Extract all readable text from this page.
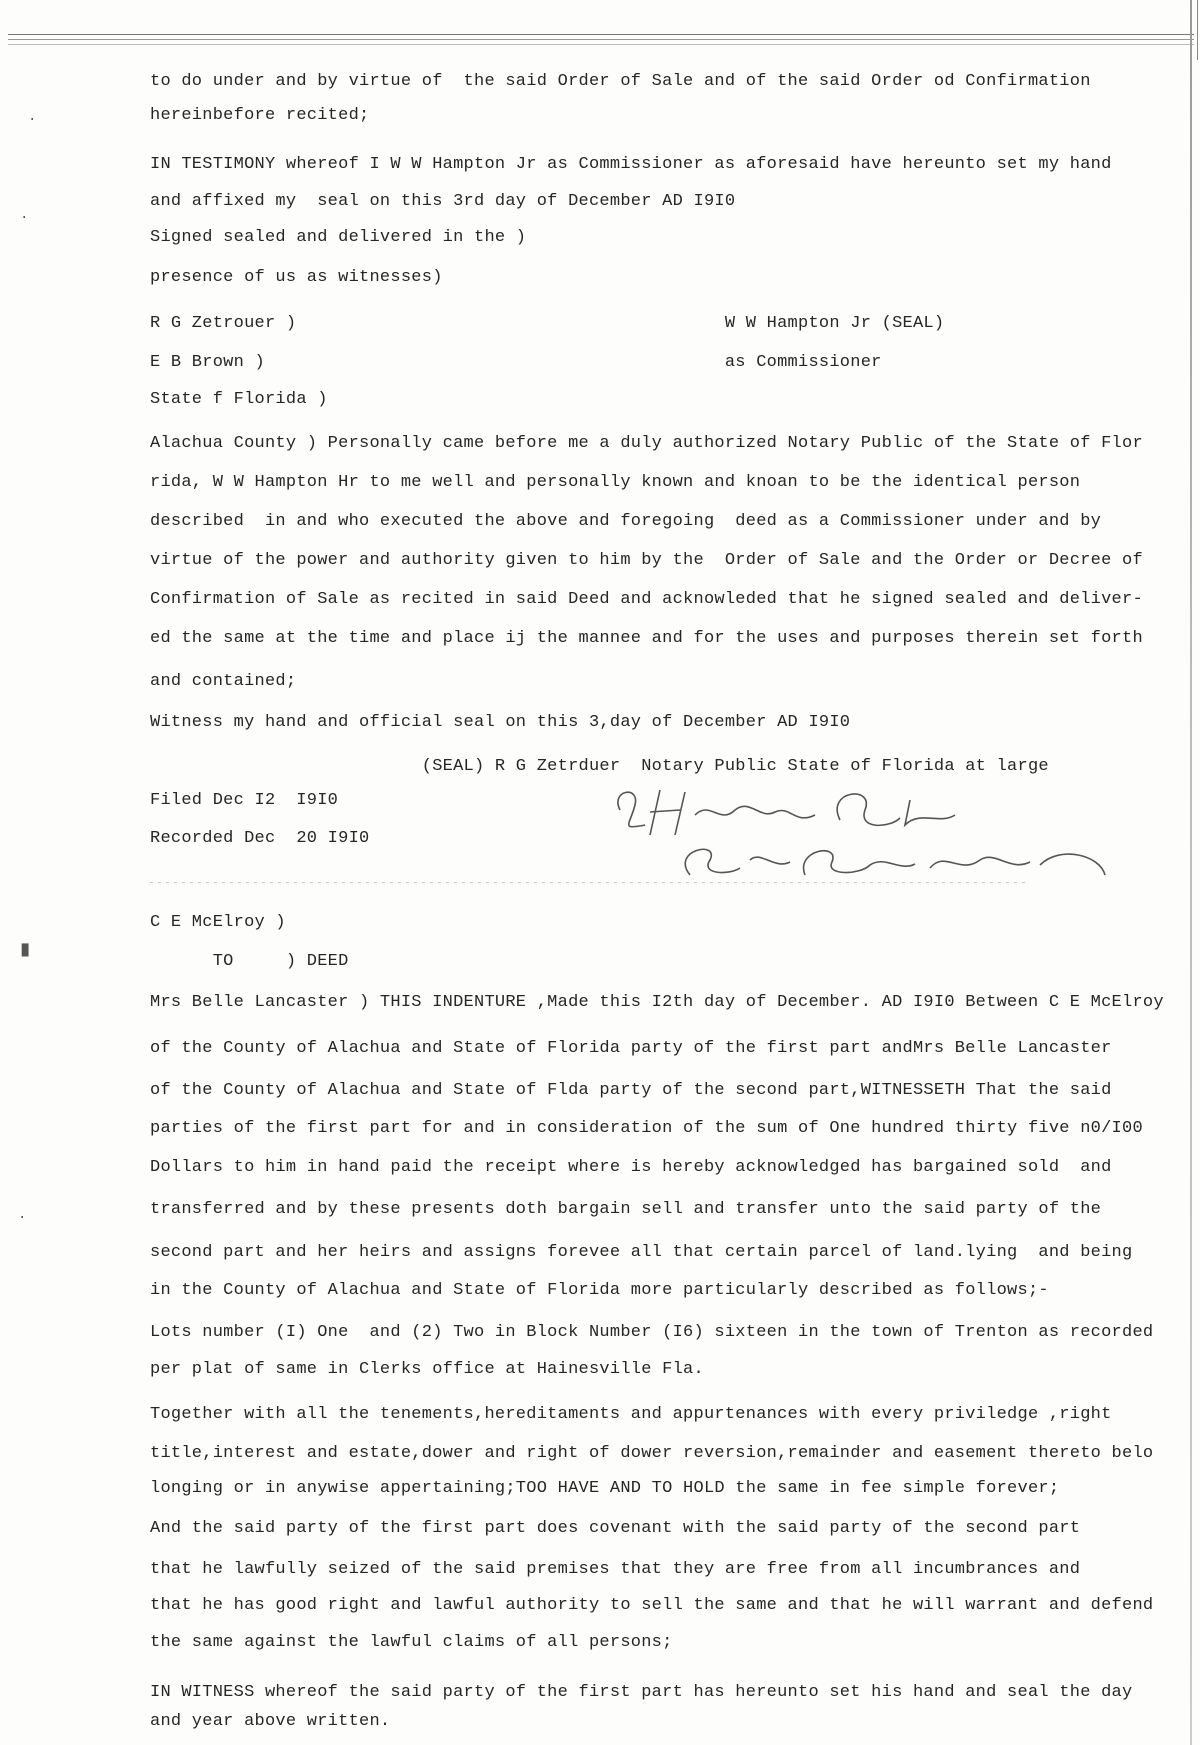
to do under and by virtue of  the said Order of Sale and of the said Order od Confirmation
hereinbefore recited;
IN TESTIMONY whereof I W W Hampton Jr as Commissioner as aforesaid have hereunto set my hand
and affixed my  seal on this 3rd day of December AD I9I0
Signed sealed and delivered in the )
presence of us as witnesses)
R G Zetrouer )                                         W W Hampton Jr (SEAL)
E B Brown )                                            as Commissioner
State f Florida )
Alachua County ) Personally came before me a duly authorized Notary Public of the State of Flor
rida, W W Hampton Hr to me well and personally known and knoan to be the identical person
described  in and who executed the above and foregoing  deed as a Commissioner under and by
virtue of the power and authority given to him by the  Order of Sale and the Order or Decree of
Confirmation of Sale as recited in said Deed and acknowleded that he signed sealed and deliver-
ed the same at the time and place ij the mannee and for the uses and purposes therein set forth
and contained;
Witness my hand and official seal on this 3,day of December AD I9I0
(SEAL) R G Zetrduer  Notary Public State of Florida at large
Filed Dec I2  I9I0
Recorded Dec  20 I9I0
C E McElroy )
TO     ) DEED
Mrs Belle Lancaster ) THIS INDENTURE ,Made this I2th day of December. AD I9I0 Between C E McElroy
of the County of Alachua and State of Florida party of the first part andMrs Belle Lancaster
of the County of Alachua and State of Flda party of the second part,WITNESSETH That the said
parties of the first part for and in consideration of the sum of One hundred thirty five n0/I00
Dollars to him in hand paid the receipt where is hereby acknowledged has bargained sold  and
transferred and by these presents doth bargain sell and transfer unto the said party of the
second part and her heirs and assigns forevee all that certain parcel of land.lying  and being
in the County of Alachua and State of Florida more particularly described as follows;-
Lots number (I) One  and (2) Two in Block Number (I6) sixteen in the town of Trenton as recorded
per plat of same in Clerks office at Hainesville Fla.
Together with all the tenements,hereditaments and appurtenances with every priviledge ,right
title,interest and estate,dower and right of dower reversion,remainder and easement thereto belo
longing or in anywise appertaining;TOO HAVE AND TO HOLD the same in fee simple forever;
And the said party of the first part does covenant with the said party of the second part
that he lawfully seized of the said premises that they are free from all incumbrances and
that he has good right and lawful authority to sell the same and that he will warrant and defend
the same against the lawful claims of all persons;
IN WITNESS whereof the said party of the first part has hereunto set his hand and seal the day
and year above written.
·
·
▘
·
